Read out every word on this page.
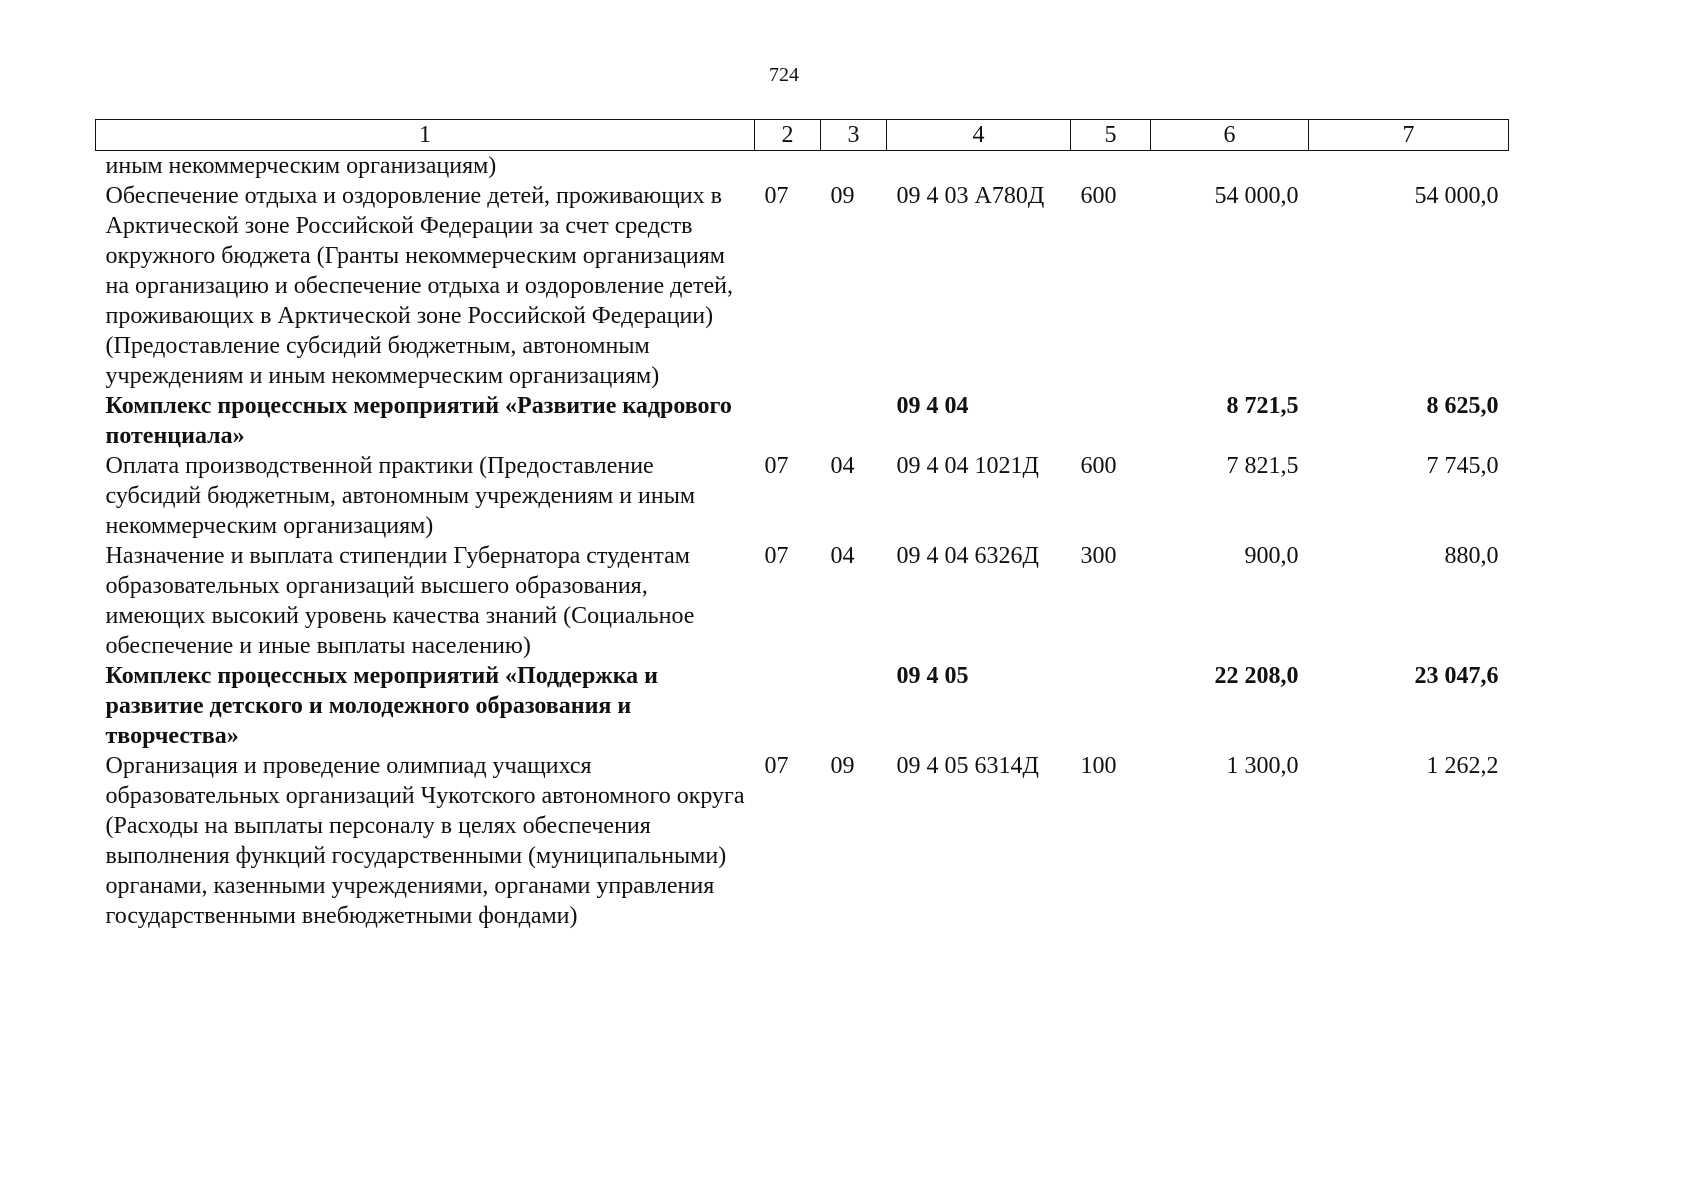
724
1	2	3	4	5	6	7
иным некоммерческим организациям)						
Обеспечение отдыха и оздоровление детей, проживающих в Арктической зоне Российской Федерации за счет средств окружного бюджета (Гранты некоммерческим организациям на организацию и обеспечение отдыха и оздоровление детей, проживающих в Арктической зоне Российской Федерации) (Предоставление субсидий бюджетным, автономным учреждениям и иным некоммерческим организациям)	07	09	09 4 03 А780Д	600	54 000,0	54 000,0
Комплекс процессных мероприятий «Развитие кадрового потенциала»			09 4 04		8 721,5	8 625,0
Оплата производственной практики (Предоставление субсидий бюджетным, автономным учреждениям и иным некоммерческим организациям)	07	04	09 4 04 1021Д	600	7 821,5	7 745,0
Назначение и выплата стипендии Губернатора студентам образовательных организаций высшего образования, имеющих высокий уровень качества знаний (Социальное обеспечение и иные выплаты населению)	07	04	09 4 04 6326Д	300	900,0	880,0
Комплекс процессных мероприятий «Поддержка и развитие детского и молодежного образования и творчества»			09 4 05		22 208,0	23 047,6
Организация и проведение олимпиад учащихся образовательных организаций Чукотского автономного округа (Расходы на выплаты персоналу в целях обеспечения выполнения функций государственными (муниципальными) органами, казенными учреждениями, органами управления государственными внебюджетными фондами)	07	09	09 4 05 6314Д	100	1 300,0	1 262,2
